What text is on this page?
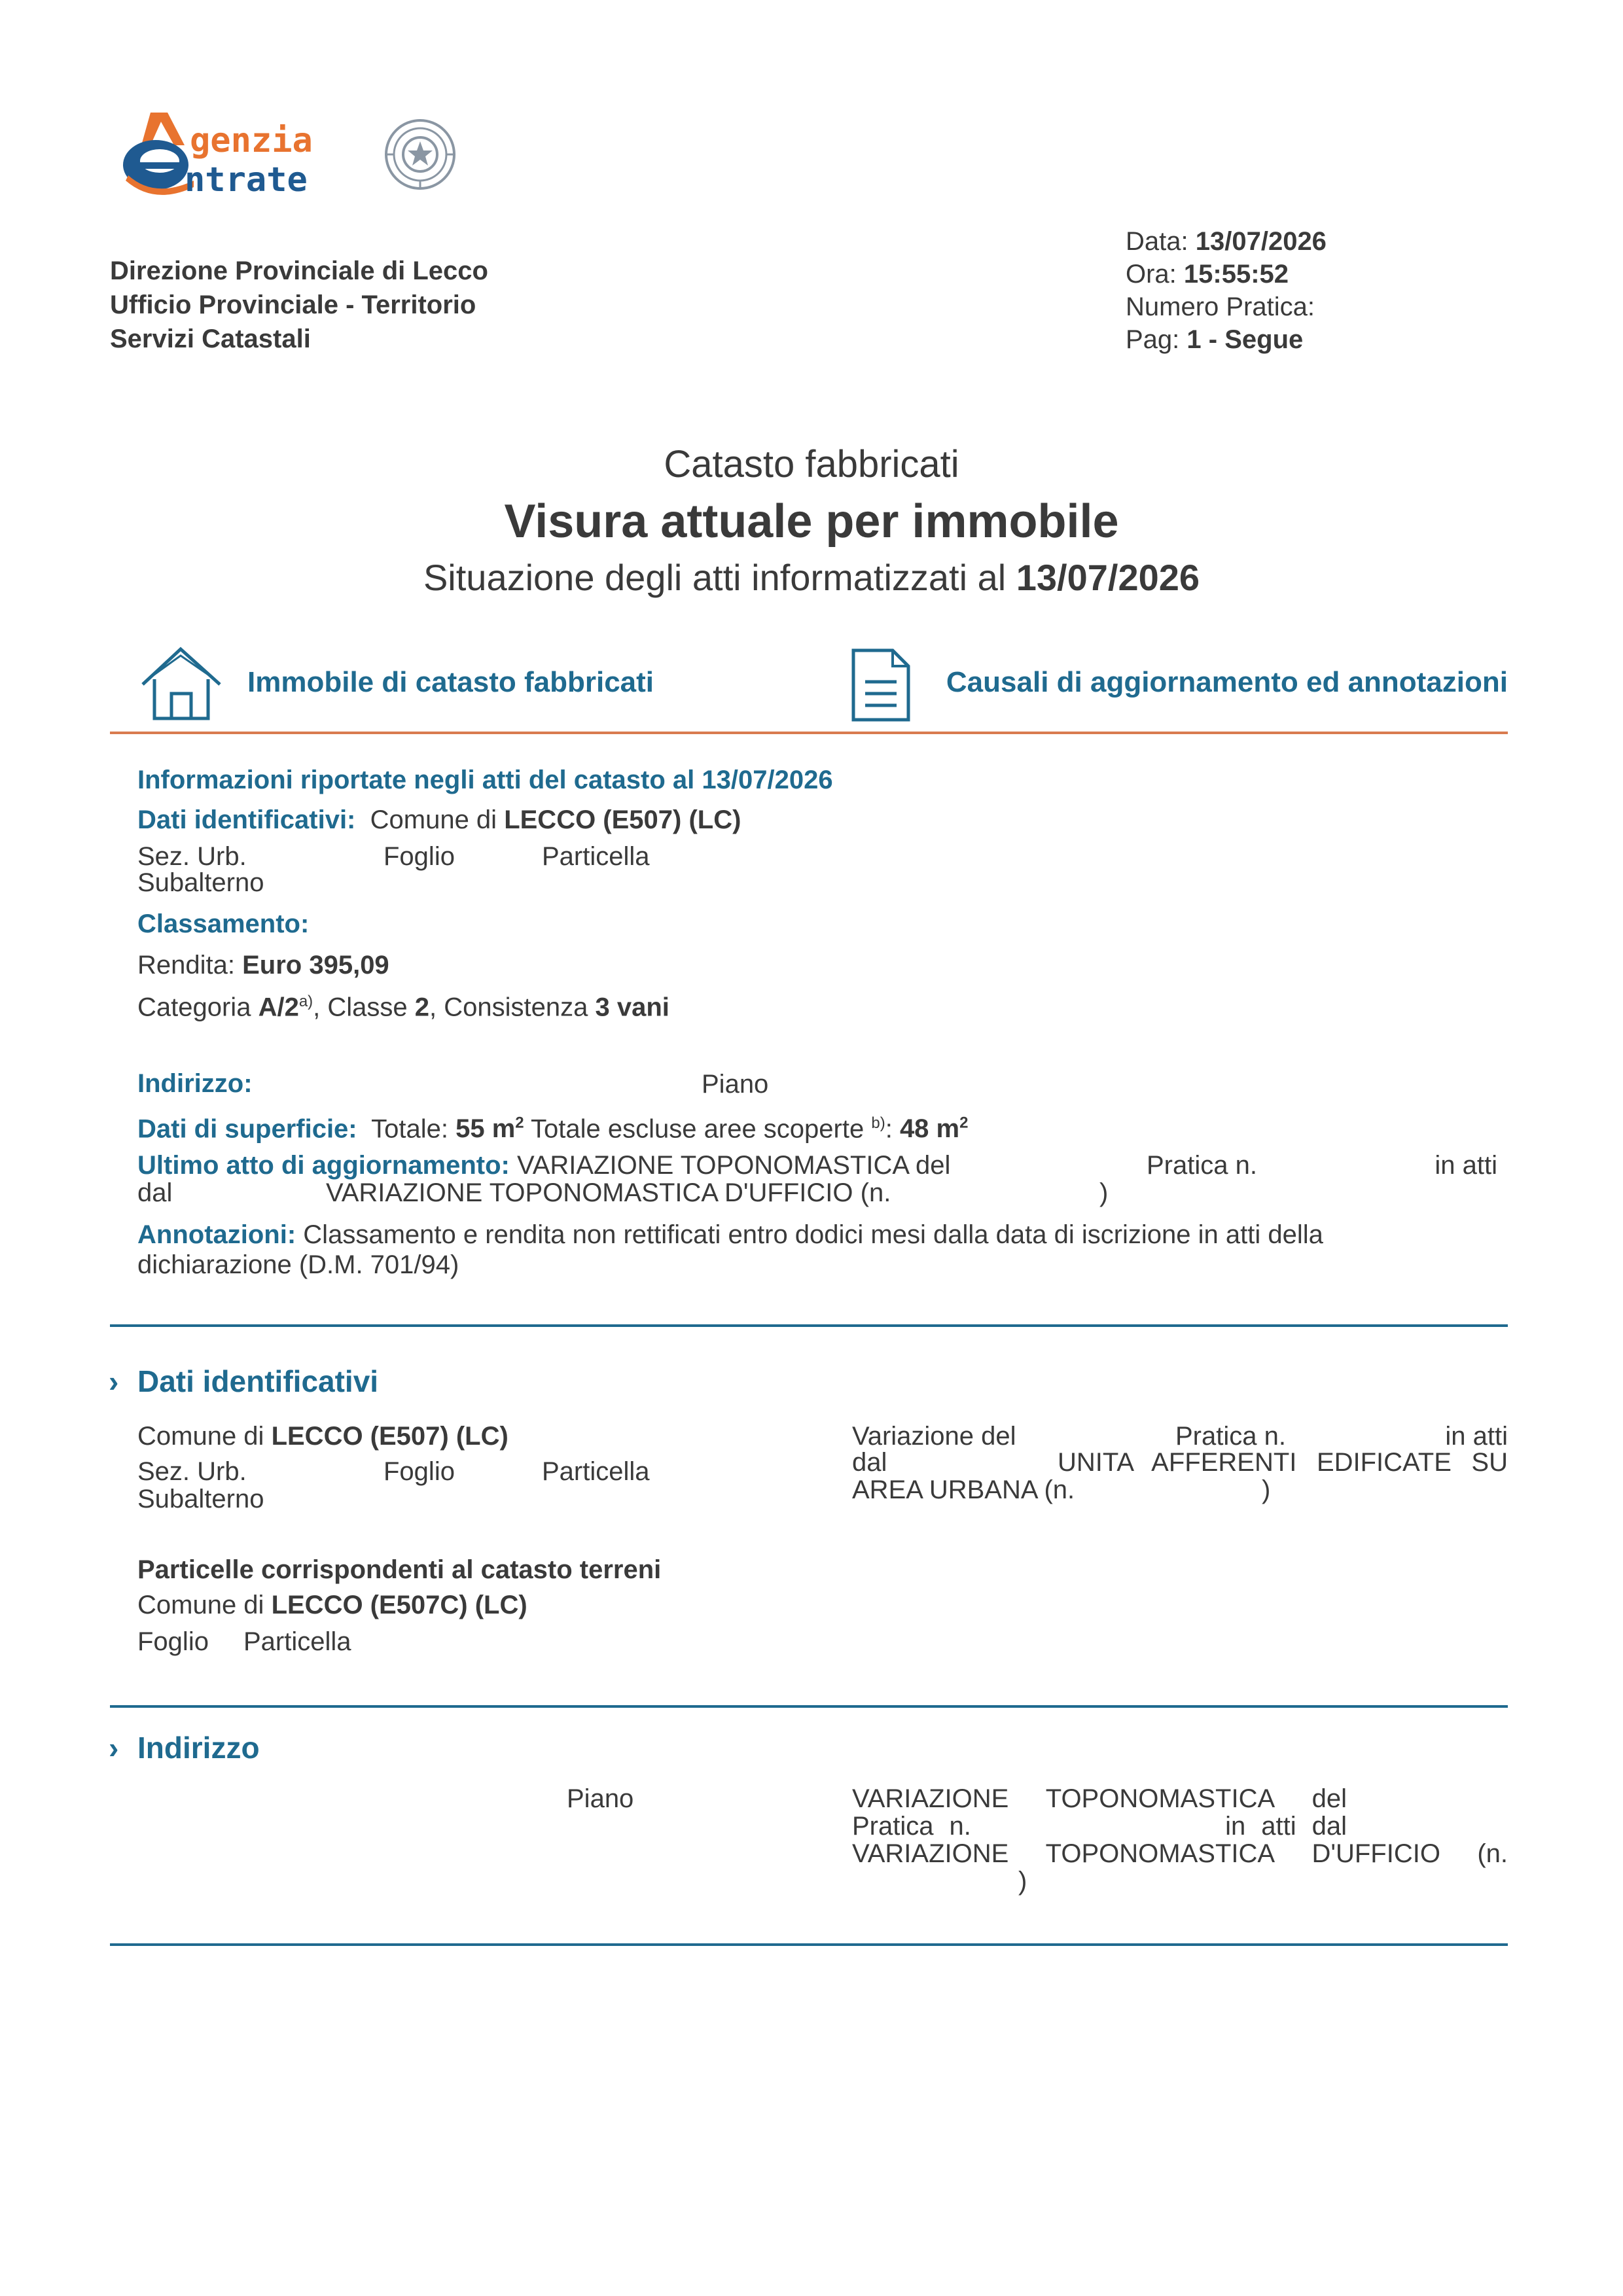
genzia
ntrate
Direzione Provinciale di Lecco
Ufficio Provinciale - Territorio
Servizi Catastali
Data: 13/07/2026
Ora: 15:55:52
Numero Pratica:
Pag: 1 - Segue
Catasto fabbricati
Visura attuale per immobile
Situazione degli atti informatizzati al 13/07/2026
Immobile di catasto fabbricati	Causali di aggiornamento ed annotazioni
Informazioni riportate negli atti del catasto al 13/07/2026
Dati identificativi: Comune di LECCO (E507) (LC)
Sez. Urb.	Foglio	Particella
Subalterno
Classamento:
Rendita: Euro 395,09
Categoria A/2$^{a)}$, Classe 2, Consistenza 3 vani
Indirizzo:	Piano
Dati di superficie: Totale: 55 $m^2$ Totale escluse aree scoperte $^{b)}$: 48 $m^2$
Ultimo atto di aggiornamento: VARIAZIONE TOPONOMASTICA del	Pratica n.	in atti
dal	VARIAZIONE TOPONOMASTICA D'UFFICIO (n.	)
Annotazioni: Classamento e rendita non rettificati entro dodici mesi dalla data di iscrizione in atti della dichiarazione (D.M. 701/94)
› Dati identificativi
Comune di LECCO (E507) (LC)
Sez. Urb.	Foglio	Particella
Subalterno
Variazione del	Pratica n.	in atti
dal	UNITA AFFERENTI EDIFICATE SU
AREA URBANA (n.	)
Particelle corrispondenti al catasto terreni
Comune di LECCO (E507C) (LC)
Foglio Particella
› Indirizzo
Piano	VARIAZIONE TOPONOMASTICA del
Pratica n.	in atti dal
VARIAZIONE TOPONOMASTICA D'UFFICIO (n.
)
